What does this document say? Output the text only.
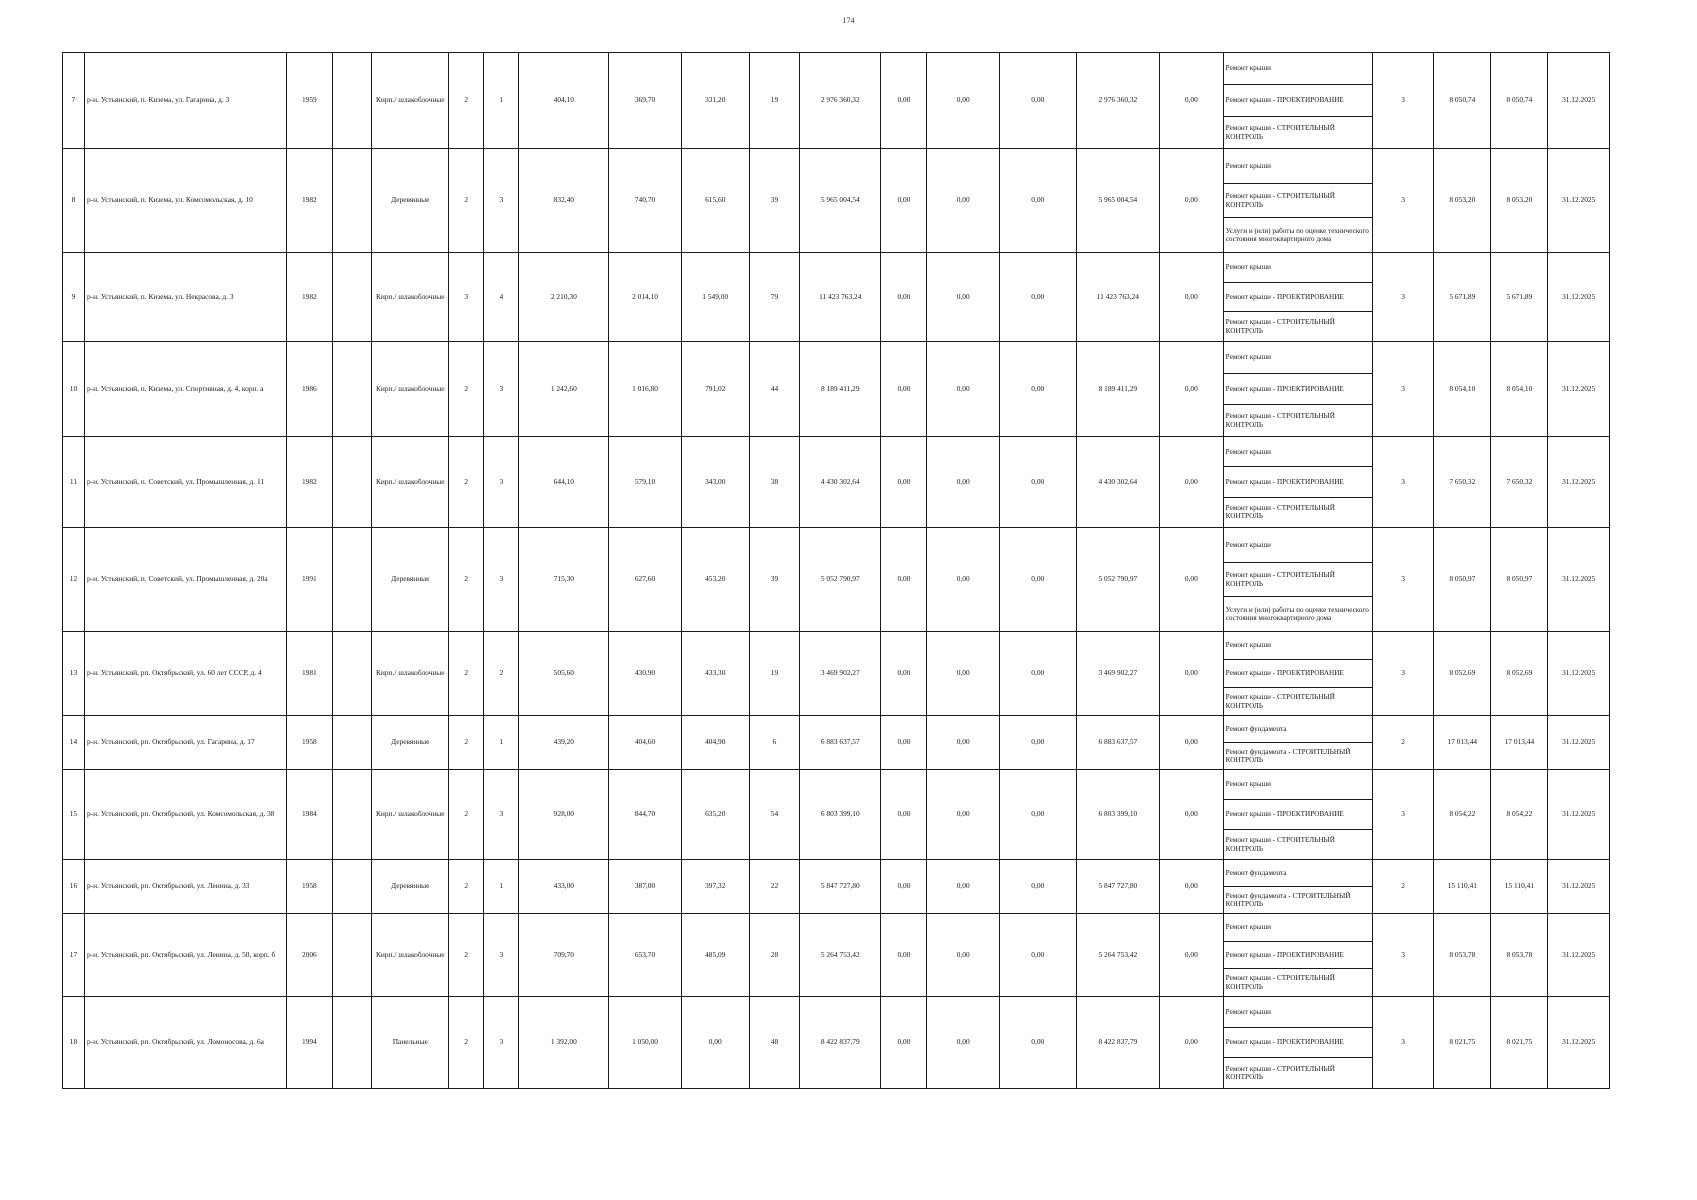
174
7	р-н. Устьянский, п. Кизема, ул. Гагарина, д. 3	1959		Кирп./ шлакоблочные	2	1	404,10	369,70	331,20	19	2 976 360,32	0,00	0,00	0,00	2 976 360,32	0,00	Ремонт крыши
Ремонт крыши - ПРОЕКТИРОВАНИЕ
Ремонт крыши - СТРОИТЕЛЬНЫЙ КОНТРОЛЬ	3	8 050,74	8 050,74	31.12.2025
8	р-н. Устьянский, п. Кизема, ул. Комсомольская, д. 10	1982		Деревянные	2	3	832,40	740,70	615,60	39	5 965 004,54	0,00	0,00	0,00	5 965 004,54	0,00	Ремонт крыши
Ремонт крыши - СТРОИТЕЛЬНЫЙ КОНТРОЛЬ
Услуги и (или) работы по оценке технического состояния многоквартирного дома	3	8 053,20	8 053,20	31.12.2025
9	р-н. Устьянский, п. Кизема, ул. Некрасова, д. 3	1982		Кирп./ шлакоблочные	3	4	2 210,30	2 014,10	1 549,00	79	11 423 763,24	0,00	0,00	0,00	11 423 763,24	0,00	Ремонт крыши
Ремонт крыши - ПРОЕКТИРОВАНИЕ
Ремонт крыши - СТРОИТЕЛЬНЫЙ КОНТРОЛЬ	3	5 671,89	5 671,89	31.12.2025
10	р-н. Устьянский, п. Кизема, ул. Спортивная, д. 4, корп. а	1986		Кирп./ шлакоблочные	2	3	1 242,60	1 016,80	791,02	44	8 189 411,29	0,00	0,00	0,00	8 189 411,29	0,00	Ремонт крыши
Ремонт крыши - ПРОЕКТИРОВАНИЕ
Ремонт крыши - СТРОИТЕЛЬНЫЙ КОНТРОЛЬ	3	8 054,10	8 054,10	31.12.2025
11	р-н. Устьянский, п. Советский, ул. Промышленная, д. 11	1982		Кирп./ шлакоблочные	2	3	644,10	579,10	343,00	38	4 430 302,64	0,00	0,00	0,00	4 430 302,64	0,00	Ремонт крыши
Ремонт крыши - ПРОЕКТИРОВАНИЕ
Ремонт крыши - СТРОИТЕЛЬНЫЙ КОНТРОЛЬ	3	7 650,32	7 650,32	31.12.2025
12	р-н. Устьянский, п. Советский, ул. Промышленная, д. 20а	1991		Деревянные	2	3	715,30	627,60	453,20	39	5 052 790,97	0,00	0,00	0,00	5 052 790,97	0,00	Ремонт крыши
Ремонт крыши - СТРОИТЕЛЬНЫЙ КОНТРОЛЬ
Услуги и (или) работы по оценке технического состояния многоквартирного дома	3	8 050,97	8 050,97	31.12.2025
13	р-н. Устьянский, рп. Октябрьский, ул. 60 лет СССР, д. 4	1981		Кирп./ шлакоблочные	2	2	505,60	430,90	433,30	19	3 469 902,27	0,00	0,00	0,00	3 469 902,27	0,00	Ремонт крыши
Ремонт крыши - ПРОЕКТИРОВАНИЕ
Ремонт крыши - СТРОИТЕЛЬНЫЙ КОНТРОЛЬ	3	8 052,69	8 052,69	31.12.2025
14	р-н. Устьянский, рп. Октябрьский, ул. Гагарина, д. 17	1958		Деревянные	2	1	439,20	404,60	404,90	6	6 883 637,57	0,00	0,00	0,00	6 883 637,57	0,00	Ремонт фундамента
Ремонт фундамента - СТРОИТЕЛЬНЫЙ КОНТРОЛЬ	2	17 013,44	17 013,44	31.12.2025
15	р-н. Устьянский, рп. Октябрьский, ул. Комсомольская, д. 38	1984		Кирп./ шлакоблочные	2	3	928,00	844,70	635,20	54	6 803 399,10	0,00	0,00	0,00	6 803 399,10	0,00	Ремонт крыши
Ремонт крыши - ПРОЕКТИРОВАНИЕ
Ремонт крыши - СТРОИТЕЛЬНЫЙ КОНТРОЛЬ	3	8 054,22	8 054,22	31.12.2025
16	р-н. Устьянский, рп. Октябрьский, ул. Ленина, д. 33	1958		Деревянные	2	1	433,00	387,00	397,32	22	5 847 727,80	0,00	0,00	0,00	5 847 727,80	0,00	Ремонт фундамента
Ремонт фундамента - СТРОИТЕЛЬНЫЙ КОНТРОЛЬ	2	15 110,41	15 110,41	31.12.2025
17	р-н. Устьянский, рп. Октябрьский, ул. Ленина, д. 50, корп. б	2006		Кирп./ шлакоблочные	2	3	709,70	653,70	485,09	28	5 264 753,42	0,00	0,00	0,00	5 264 753,42	0,00	Ремонт крыши
Ремонт крыши - ПРОЕКТИРОВАНИЕ
Ремонт крыши - СТРОИТЕЛЬНЫЙ КОНТРОЛЬ	3	8 053,78	8 053,78	31.12.2025
18	р-н. Устьянский, рп. Октябрьский, ул. Ломоносова, д. 6а	1994		Панельные	2	3	1 392,00	1 050,00	0,00	48	8 422 837,79	0,00	0,00	0,00	8 422 837,79	0,00	Ремонт крыши
Ремонт крыши - ПРОЕКТИРОВАНИЕ
Ремонт крыши - СТРОИТЕЛЬНЫЙ КОНТРОЛЬ	3	8 021,75	8 021,75	31.12.2025
